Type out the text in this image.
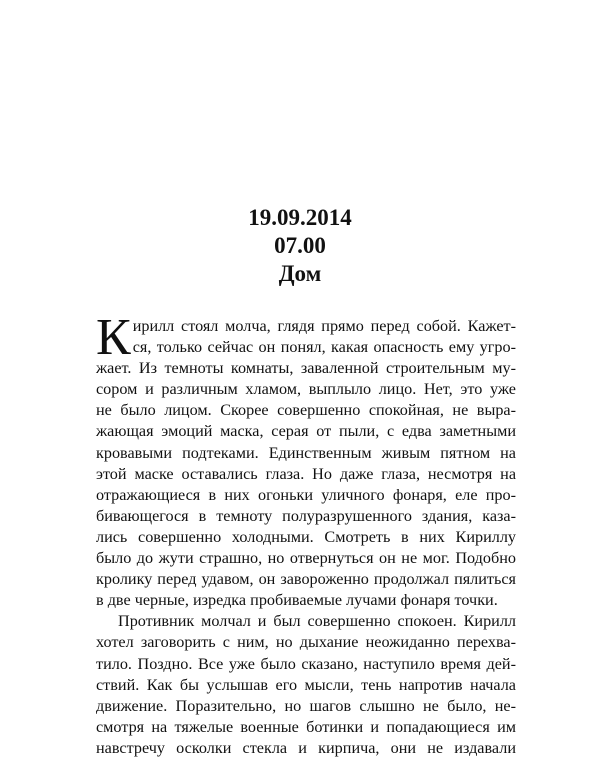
19.09.2014
07.00
Дом
К ирилл стоял молча, глядя прямо перед собой. Кажет-
ся, только сейчас он понял, какая опасность ему угро-
жает. Из темноты комнаты, заваленной строительным му-
сором и различным хламом, выплыло лицо. Нет, это уже
не было лицом. Скорее совершенно спокойная, не выра-
жающая эмоций маска, серая от пыли, с едва заметными
кровавыми подтеками. Единственным живым пятном на
этой маске оставались глаза. Но даже глаза, несмотря на
отражающиеся в них огоньки уличного фонаря, еле про-
бивающегося в темноту полуразрушенного здания, каза-
лись совершенно холодными. Смотреть в них Кириллу
было до жути страшно, но отвернуться он не мог. Подобно
кролику перед удавом, он завороженно продолжал пялиться
в две черные, изредка пробиваемые лучами фонаря точки.
Противник молчал и был совершенно спокоен. Кирилл
хотел заговорить с ним, но дыхание неожиданно перехва-
тило. Поздно. Все уже было сказано, наступило время дей-
ствий. Как бы услышав его мысли, тень напротив начала
движение. Поразительно, но шагов слышно не было, не-
смотря на тяжелые военные ботинки и попадающиеся им
навстречу осколки стекла и кирпича, они не издавали
